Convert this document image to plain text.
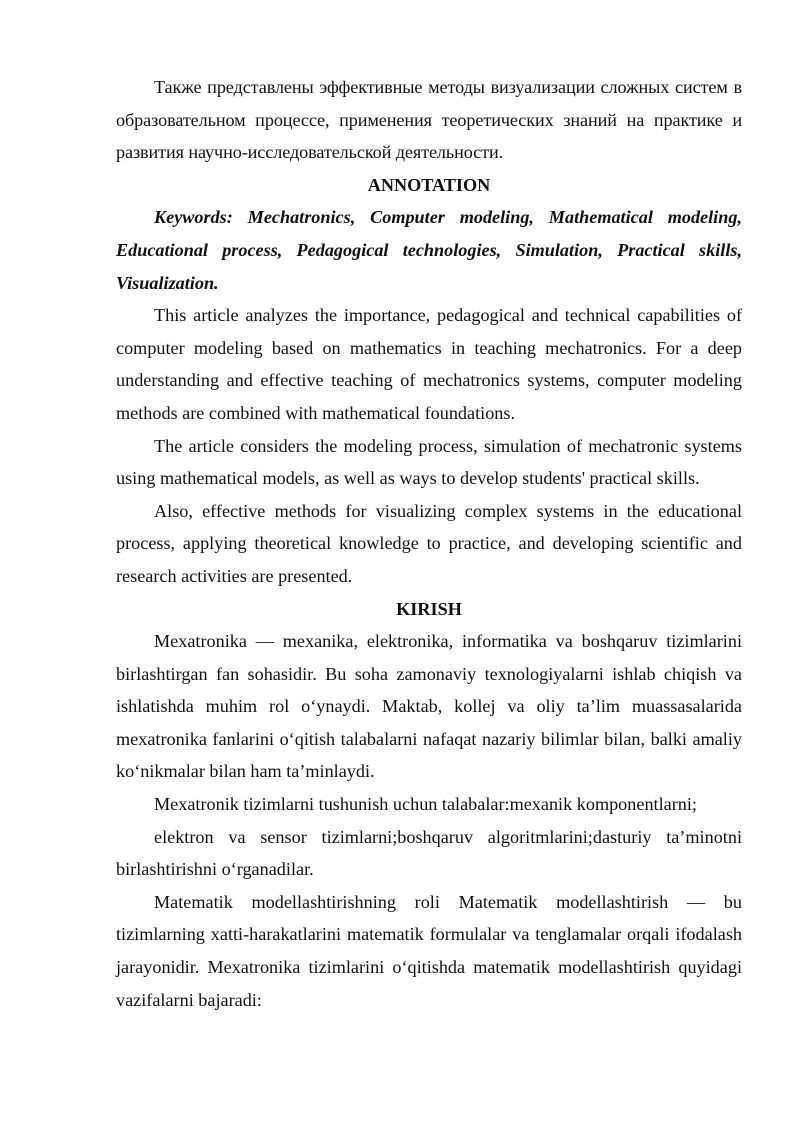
Также представлены эффективные методы визуализации сложных систем в образовательном процессе, применения теоретических знаний на практике и развития научно-исследовательской деятельности.

ANNOTATION

Keywords: Mechatronics, Computer modeling, Mathematical modeling, Educational process, Pedagogical technologies, Simulation, Practical skills, Visualization.

This article analyzes the importance, pedagogical and technical capabilities of computer modeling based on mathematics in teaching mechatronics. For a deep understanding and effective teaching of mechatronics systems, computer modeling methods are combined with mathematical foundations.

The article considers the modeling process, simulation of mechatronic systems using mathematical models, as well as ways to develop students' practical skills.

Also, effective methods for visualizing complex systems in the educational process, applying theoretical knowledge to practice, and developing scientific and research activities are presented.

KIRISH

Mexatronika — mexanika, elektronika, informatika va boshqaruv tizimlarini birlashtirgan fan sohasidir. Bu soha zamonaviy texnologiyalarni ishlab chiqish va ishlatishda muhim rol o‘ynaydi. Maktab, kollej va oliy ta’lim muassasalarida mexatronika fanlarini o‘qitish talabalarni nafaqat nazariy bilimlar bilan, balki amaliy ko‘nikmalar bilan ham ta’minlaydi.

Mexatronik tizimlarni tushunish uchun talabalar:mexanik komponentlarni;

elektron va sensor tizimlarni;boshqaruv algoritmlarini;dasturiy ta’minotni birlashtirishni o‘rganadilar.

Matematik modellashtirishning roli Matematik modellashtirish — bu tizimlarning xatti-harakatlarini matematik formulalar va tenglamalar orqali ifodalash jarayonidir. Mexatronika tizimlarini o‘qitishda matematik modellashtirish quyidagi vazifalarni bajaradi:
